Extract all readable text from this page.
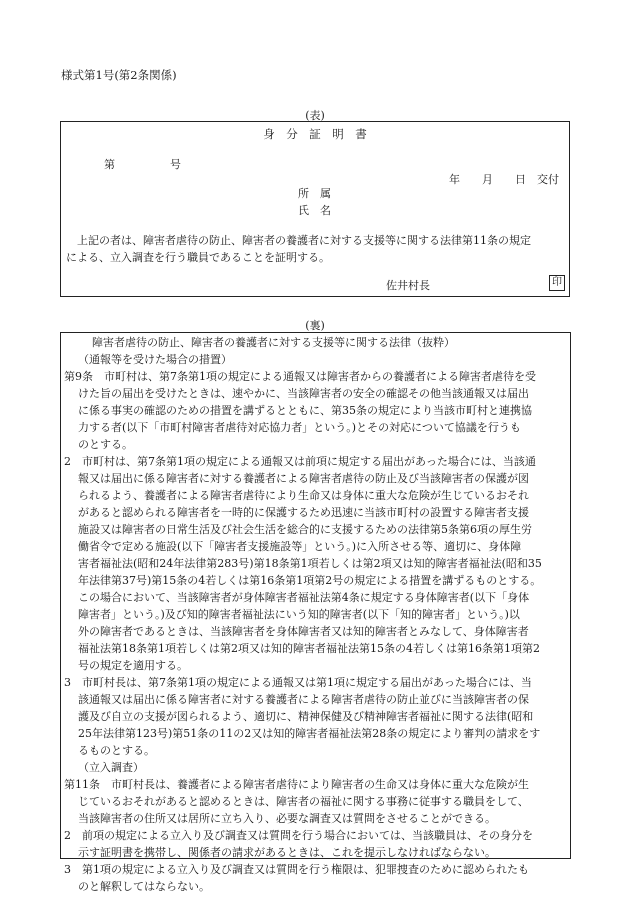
様式第1号(第2条関係)
(表)
身　分　証　明　書
第　　　　　号
年　　月　　日　交付
所　属
氏　名
　上記の者は、障害者虐待の防止、障害者の養護者に対する支援等に関する法律第11条の規定
による、立入調査を行う職員であることを証明する。
佐井村長	印
(裏)
障害者虐待の防止、障害者の養護者に対する支援等に関する法律（抜粋）
（通報等を受けた場合の措置）
第9条　市町村は、第7条第1項の規定による通報又は障害者からの養護者による障害者虐待を受
けた旨の届出を受けたときは、速やかに、当該障害者の安全の確認その他当該通報又は届出
に係る事実の確認のための措置を講ずるとともに、第35条の規定により当該市町村と連携協
力する者(以下「市町村障害者虐待対応協力者」という。)とその対応について協議を行うも
のとする。
2　市町村は、第7条第1項の規定による通報又は前項に規定する届出があった場合には、当該通
報又は届出に係る障害者に対する養護者による障害者虐待の防止及び当該障害者の保護が図
られるよう、養護者による障害者虐待により生命又は身体に重大な危険が生じているおそれ
があると認められる障害者を一時的に保護するため迅速に当該市町村の設置する障害者支援
施設又は障害者の日常生活及び社会生活を総合的に支援するための法律第5条第6項の厚生労
働省令で定める施設(以下「障害者支援施設等」という。)に入所させる等、適切に、身体障
害者福祉法(昭和24年法律第283号)第18条第1項若しくは第2項又は知的障害者福祉法(昭和35
年法律第37号)第15条の4若しくは第16条第1項第2号の規定による措置を講ずるものとする。
この場合において、当該障害者が身体障害者福祉法第4条に規定する身体障害者(以下「身体
障害者」という。)及び知的障害者福祉法にいう知的障害者(以下「知的障害者」という。)以
外の障害者であるときは、当該障害者を身体障害者又は知的障害者とみなして、身体障害者
福祉法第18条第1項若しくは第2項又は知的障害者福祉法第15条の4若しくは第16条第1項第2
号の規定を適用する。
3　市町村長は、第7条第1項の規定による通報又は第1項に規定する届出があった場合には、当
該通報又は届出に係る障害者に対する養護者による障害者虐待の防止並びに当該障害者の保
護及び自立の支援が図られるよう、適切に、精神保健及び精神障害者福祉に関する法律(昭和
25年法律第123号)第51条の11の2又は知的障害者福祉法第28条の規定により審判の請求をす
るものとする。
（立入調査）
第11条　市町村長は、養護者による障害者虐待により障害者の生命又は身体に重大な危険が生
じているおそれがあると認めるときは、障害者の福祉に関する事務に従事する職員をして、
当該障害者の住所又は居所に立ち入り、必要な調査又は質問をさせることができる。
2　前項の規定による立入り及び調査又は質問を行う場合においては、当該職員は、その身分を
示す証明書を携帯し、関係者の請求があるときは、これを提示しなければならない。
3　第1項の規定による立入り及び調査又は質問を行う権限は、犯罪捜査のために認められたも
のと解釈してはならない。
